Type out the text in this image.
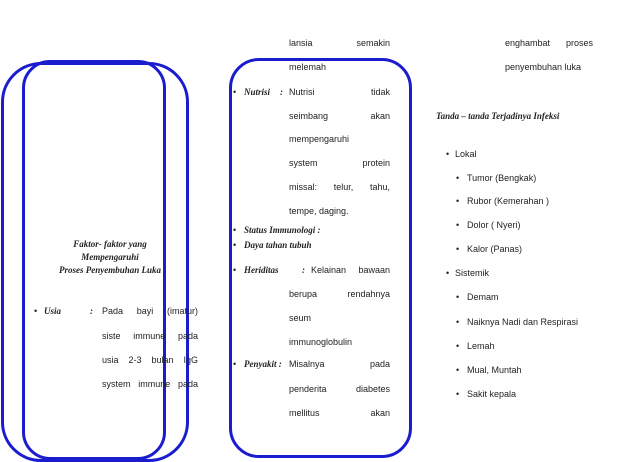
Faktor- faktor yang
Mempengaruhi
Proses Penyembuhan Luka
• Usia	: Pada bayi (imatur)
siste immune pada
usia 2-3 bulan IgG
system immune pada
lansia semakin
melemah
• Nutrisi : Nutrisi tidak
seimbang akan
mempengaruhi
system protein
missal: telur, tahu,
tempe, daging.
• Status Immunologi :
• Daya tahan tubuh
• Heriditas	: Kelainan bawaan
berupa rendahnya
seum
immunoglobulin
• Penyakit : Misalnya pada
penderita diabetes
mellitus akan
enghambat proses
penyembuhan luka
Tanda – tanda Terjadinya Infeksi
• Lokal
• Tumor (Bengkak)
• Rubor (Kemerahan )
• Dolor ( Nyeri)
• Kalor (Panas)
• Sistemik
• Demam
• Naiknya Nadi dan Respirasi
• Lemah
• Mual, Muntah
• Sakit kepala
